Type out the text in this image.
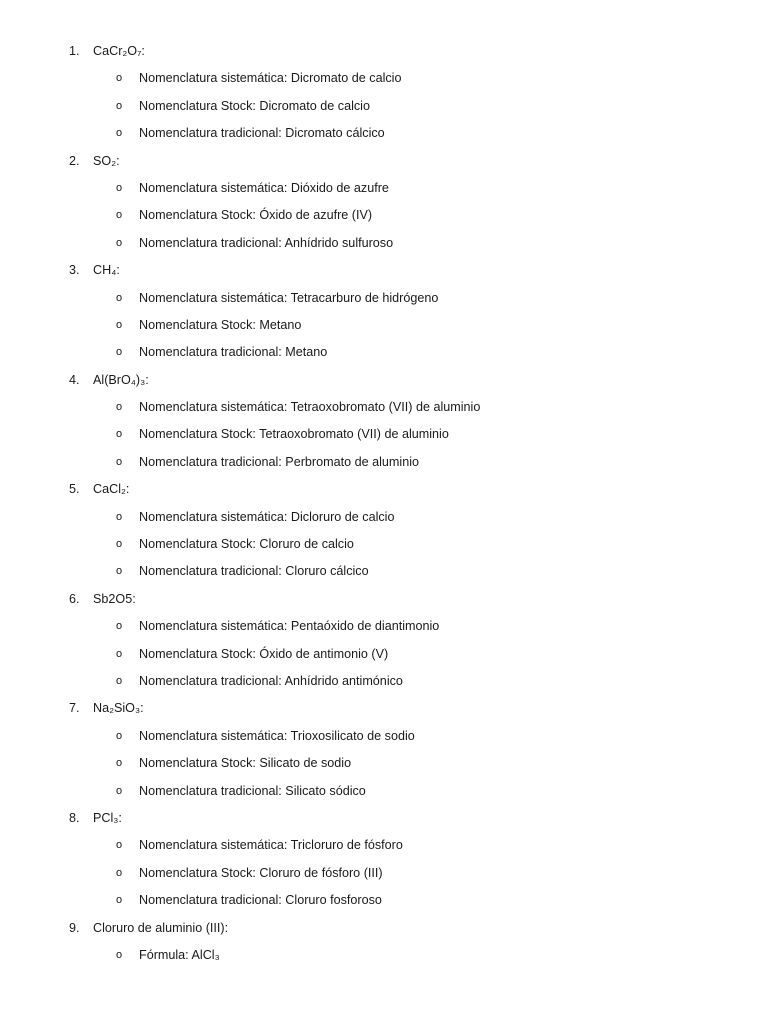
1. CaCr₂O₇:
o Nomenclatura sistemática: Dicromato de calcio
o Nomenclatura Stock: Dicromato de calcio
o Nomenclatura tradicional: Dicromato cálcico
2. SO₂:
o Nomenclatura sistemática: Dióxido de azufre
o Nomenclatura Stock: Óxido de azufre (IV)
o Nomenclatura tradicional: Anhídrido sulfuroso
3. CH₄:
o Nomenclatura sistemática: Tetracarburo de hidrógeno
o Nomenclatura Stock: Metano
o Nomenclatura tradicional: Metano
4. Al(BrO₄)₃:
o Nomenclatura sistemática: Tetraoxobromato (VII) de aluminio
o Nomenclatura Stock: Tetraoxobromato (VII) de aluminio
o Nomenclatura tradicional: Perbromato de aluminio
5. CaCl₂:
o Nomenclatura sistemática: Dicloruro de calcio
o Nomenclatura Stock: Cloruro de calcio
o Nomenclatura tradicional: Cloruro cálcico
6. Sb2O5:
o Nomenclatura sistemática: Pentaóxido de diantimonio
o Nomenclatura Stock: Óxido de antimonio (V)
o Nomenclatura tradicional: Anhídrido antimónico
7. Na₂SiO₃:
o Nomenclatura sistemática: Trioxosilicato de sodio
o Nomenclatura Stock: Silicato de sodio
o Nomenclatura tradicional: Silicato sódico
8. PCl₃:
o Nomenclatura sistemática: Tricloruro de fósforo
o Nomenclatura Stock: Cloruro de fósforo (III)
o Nomenclatura tradicional: Cloruro fosforoso
9. Cloruro de aluminio (III):
o Fórmula: AlCl₃
